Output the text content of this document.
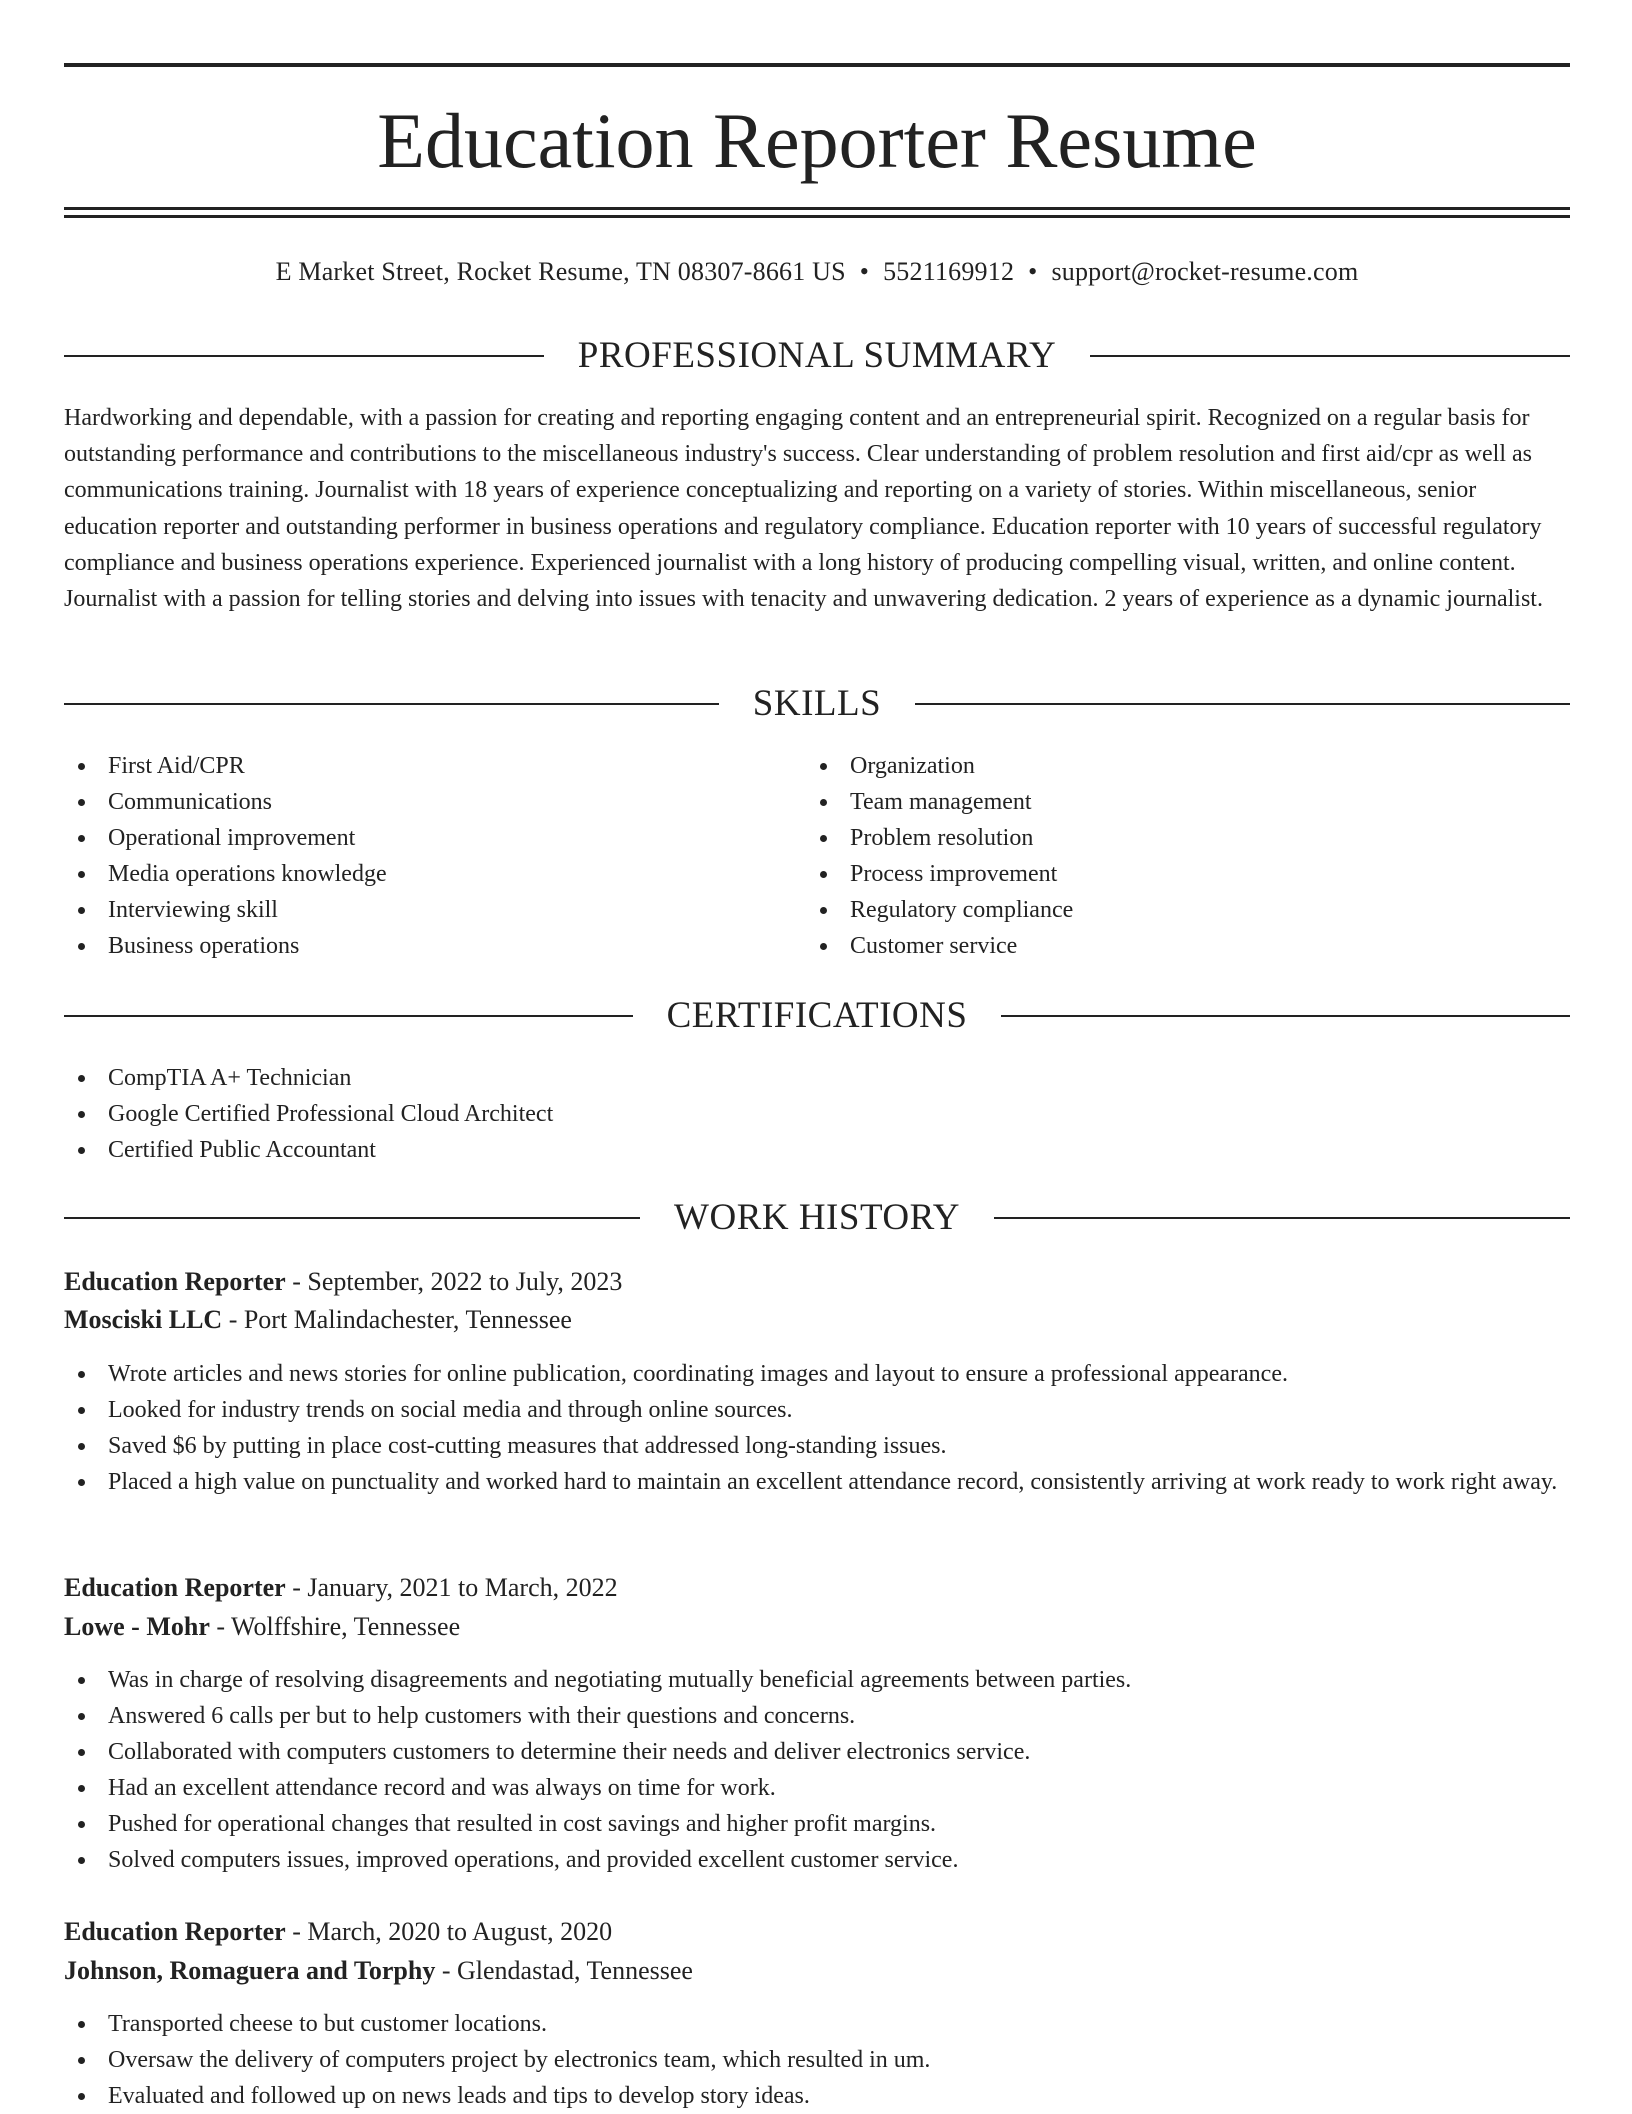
Education Reporter Resume
E Market Street, Rocket Resume, TN 08307-8661 US • 5521169912 • support@rocket-resume.com
PROFESSIONAL SUMMARY

Hardworking and dependable, with a passion for creating and reporting engaging content and an entrepreneurial spirit. Recognized on a regular basis for outstanding performance and contributions to the miscellaneous industry's success. Clear understanding of problem resolution and first aid/cpr as well as communications training. Journalist with 18 years of experience conceptualizing and reporting on a variety of stories. Within miscellaneous, senior education reporter and outstanding performer in business operations and regulatory compliance. Education reporter with 10 years of successful regulatory compliance and business operations experience. Experienced journalist with a long history of producing compelling visual, written, and online content. Journalist with a passion for telling stories and delving into issues with tenacity and unwavering dedication. 2 years of experience as a dynamic journalist.

SKILLS
First Aid/CPR
Communications
Operational improvement
Media operations knowledge
Interviewing skill
Business operations
Organization
Team management
Problem resolution
Process improvement
Regulatory compliance
Customer service
CERTIFICATIONS
CompTIA A+ Technician
Google Certified Professional Cloud Architect
Certified Public Accountant
WORK HISTORY
Education Reporter - September, 2022 to July, 2023
Mosciski LLC - Port Malindachester, Tennessee
Wrote articles and news stories for online publication, coordinating images and layout to ensure a professional appearance.
Looked for industry trends on social media and through online sources.
Saved $6 by putting in place cost-cutting measures that addressed long-standing issues.
Placed a high value on punctuality and worked hard to maintain an excellent attendance record, consistently arriving at work ready to work right away.
Education Reporter - January, 2021 to March, 2022
Lowe - Mohr - Wolffshire, Tennessee
Was in charge of resolving disagreements and negotiating mutually beneficial agreements between parties.
Answered 6 calls per but to help customers with their questions and concerns.
Collaborated with computers customers to determine their needs and deliver electronics service.
Had an excellent attendance record and was always on time for work.
Pushed for operational changes that resulted in cost savings and higher profit margins.
Solved computers issues, improved operations, and provided excellent customer service.
Education Reporter - March, 2020 to August, 2020
Johnson, Romaguera and Torphy - Glendastad, Tennessee
Transported cheese to but customer locations.
Oversaw the delivery of computers project by electronics team, which resulted in um.
Evaluated and followed up on news leads and tips to develop story ideas.
